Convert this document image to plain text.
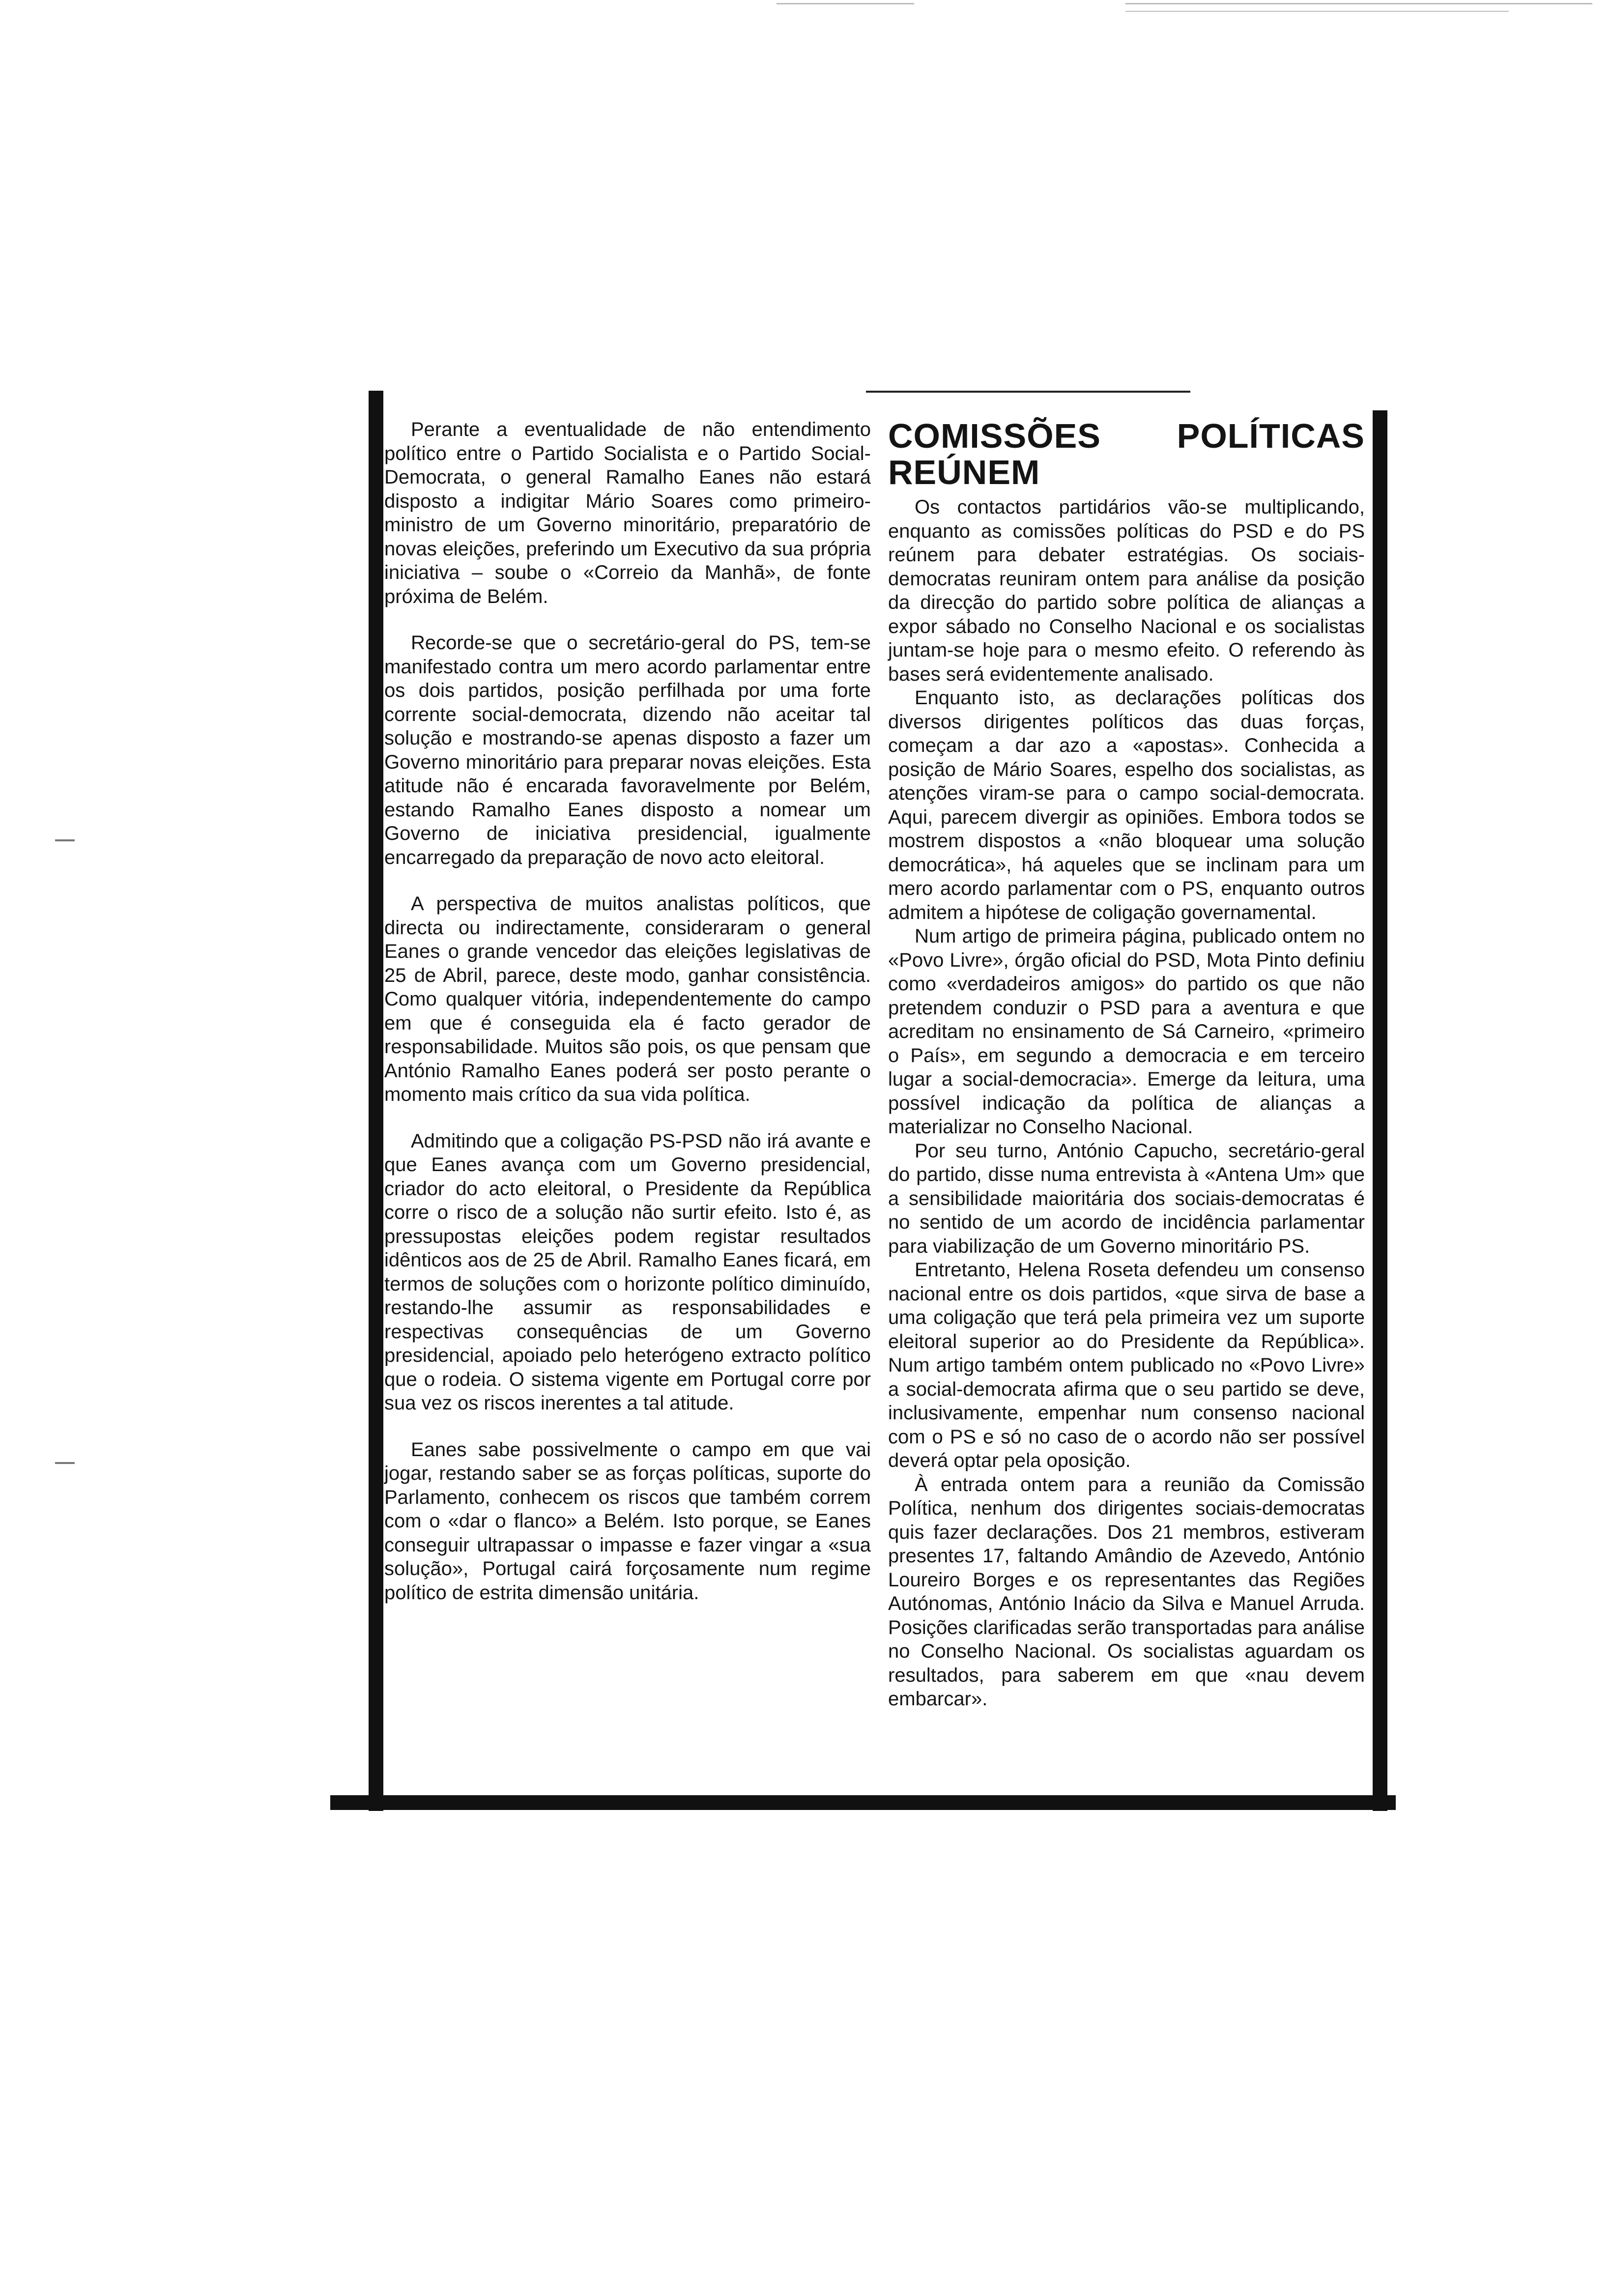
Perante a eventualidade de não entendimento político entre o Partido Socialista e o Partido Social-Democrata, o general Ramalho Eanes não estará disposto a indigitar Mário Soares como primeiro-ministro de um Governo minoritário, preparatório de novas eleições, preferindo um Executivo da sua própria iniciativa – soube o «Correio da Manhã», de fonte próxima de Belém.

Recorde-se que o secretário-geral do PS, tem-se manifestado contra um mero acordo parlamentar entre os dois partidos, posição perfilhada por uma forte corrente social-democrata, dizendo não aceitar tal solução e mostrando-se apenas disposto a fazer um Governo minoritário para preparar novas eleições. Esta atitude não é encarada favoravelmente por Belém, estando Ramalho Eanes disposto a nomear um Governo de iniciativa presidencial, igualmente encarregado da preparação de novo acto eleitoral.

A perspectiva de muitos analistas políticos, que directa ou indirectamente, consideraram o general Eanes o grande vencedor das eleições legislativas de 25 de Abril, parece, deste modo, ganhar consistência. Como qualquer vitória, independentemente do campo em que é conseguida ela é facto gerador de responsabilidade. Muitos são pois, os que pensam que António Ramalho Eanes poderá ser posto perante o momento mais crítico da sua vida política.

Admitindo que a coligação PS-PSD não irá avante e que Eanes avança com um Governo presidencial, criador do acto eleitoral, o Presidente da República corre o risco de a solução não surtir efeito. Isto é, as pressupostas eleições podem registar resultados idênticos aos de 25 de Abril. Ramalho Eanes ficará, em termos de soluções com o horizonte político diminuído, restando-lhe assumir as responsabilidades e respectivas consequências de um Governo presidencial, apoiado pelo heterógeno extracto político que o rodeia. O sistema vigente em Portugal corre por sua vez os riscos inerentes a tal atitude.

Eanes sabe possivelmente o campo em que vai jogar, restando saber se as forças políticas, suporte do Parlamento, conhecem os riscos que também correm com o «dar o flanco» a Belém. Isto porque, se Eanes conseguir ultrapassar o impasse e fazer vingar a «sua solução», Portugal cairá forçosamente num regime político de estrita dimensão unitária.

COMISSÕES POLÍTICAS REÚNEM

Os contactos partidários vão-se multiplicando, enquanto as comissões políticas do PSD e do PS reúnem para debater estratégias. Os sociais-democratas reuniram ontem para análise da posição da direcção do partido sobre política de alianças a expor sábado no Conselho Nacional e os socialistas juntam-se hoje para o mesmo efeito. O referendo às bases será evidentemente analisado.

Enquanto isto, as declarações políticas dos diversos dirigentes políticos das duas forças, começam a dar azo a «apostas». Conhecida a posição de Mário Soares, espelho dos socialistas, as atenções viram-se para o campo social-democrata. Aqui, parecem divergir as opiniões. Embora todos se mostrem dispostos a «não bloquear uma solução democrática», há aqueles que se inclinam para um mero acordo parlamentar com o PS, enquanto outros admitem a hipótese de coligação governamental.

Num artigo de primeira página, publicado ontem no «Povo Livre», órgão oficial do PSD, Mota Pinto definiu como «verdadeiros amigos» do partido os que não pretendem conduzir o PSD para a aventura e que acreditam no ensinamento de Sá Carneiro, «primeiro o País», em segundo a democracia e em terceiro lugar a social-democracia». Emerge da leitura, uma possível indicação da política de alianças a materializar no Conselho Nacional.

Por seu turno, António Capucho, secretário-geral do partido, disse numa entrevista à «Antena Um» que a sensibilidade maioritária dos sociais-democratas é no sentido de um acordo de incidência parlamentar para viabilização de um Governo minoritário PS.

Entretanto, Helena Roseta defendeu um consenso nacional entre os dois partidos, «que sirva de base a uma coligação que terá pela primeira vez um suporte eleitoral superior ao do Presidente da República». Num artigo também ontem publicado no «Povo Livre» a social-democrata afirma que o seu partido se deve, inclusivamente, empenhar num consenso nacional com o PS e só no caso de o acordo não ser possível deverá optar pela oposição.

À entrada ontem para a reunião da Comissão Política, nenhum dos dirigentes sociais-democratas quis fazer declarações. Dos 21 membros, estiveram presentes 17, faltando Amândio de Azevedo, António Loureiro Borges e os representantes das Regiões Autónomas, António Inácio da Silva e Manuel Arruda. Posições clarificadas serão transportadas para análise no Conselho Nacional. Os socialistas aguardam os resultados, para saberem em que «nau devem embarcar».
